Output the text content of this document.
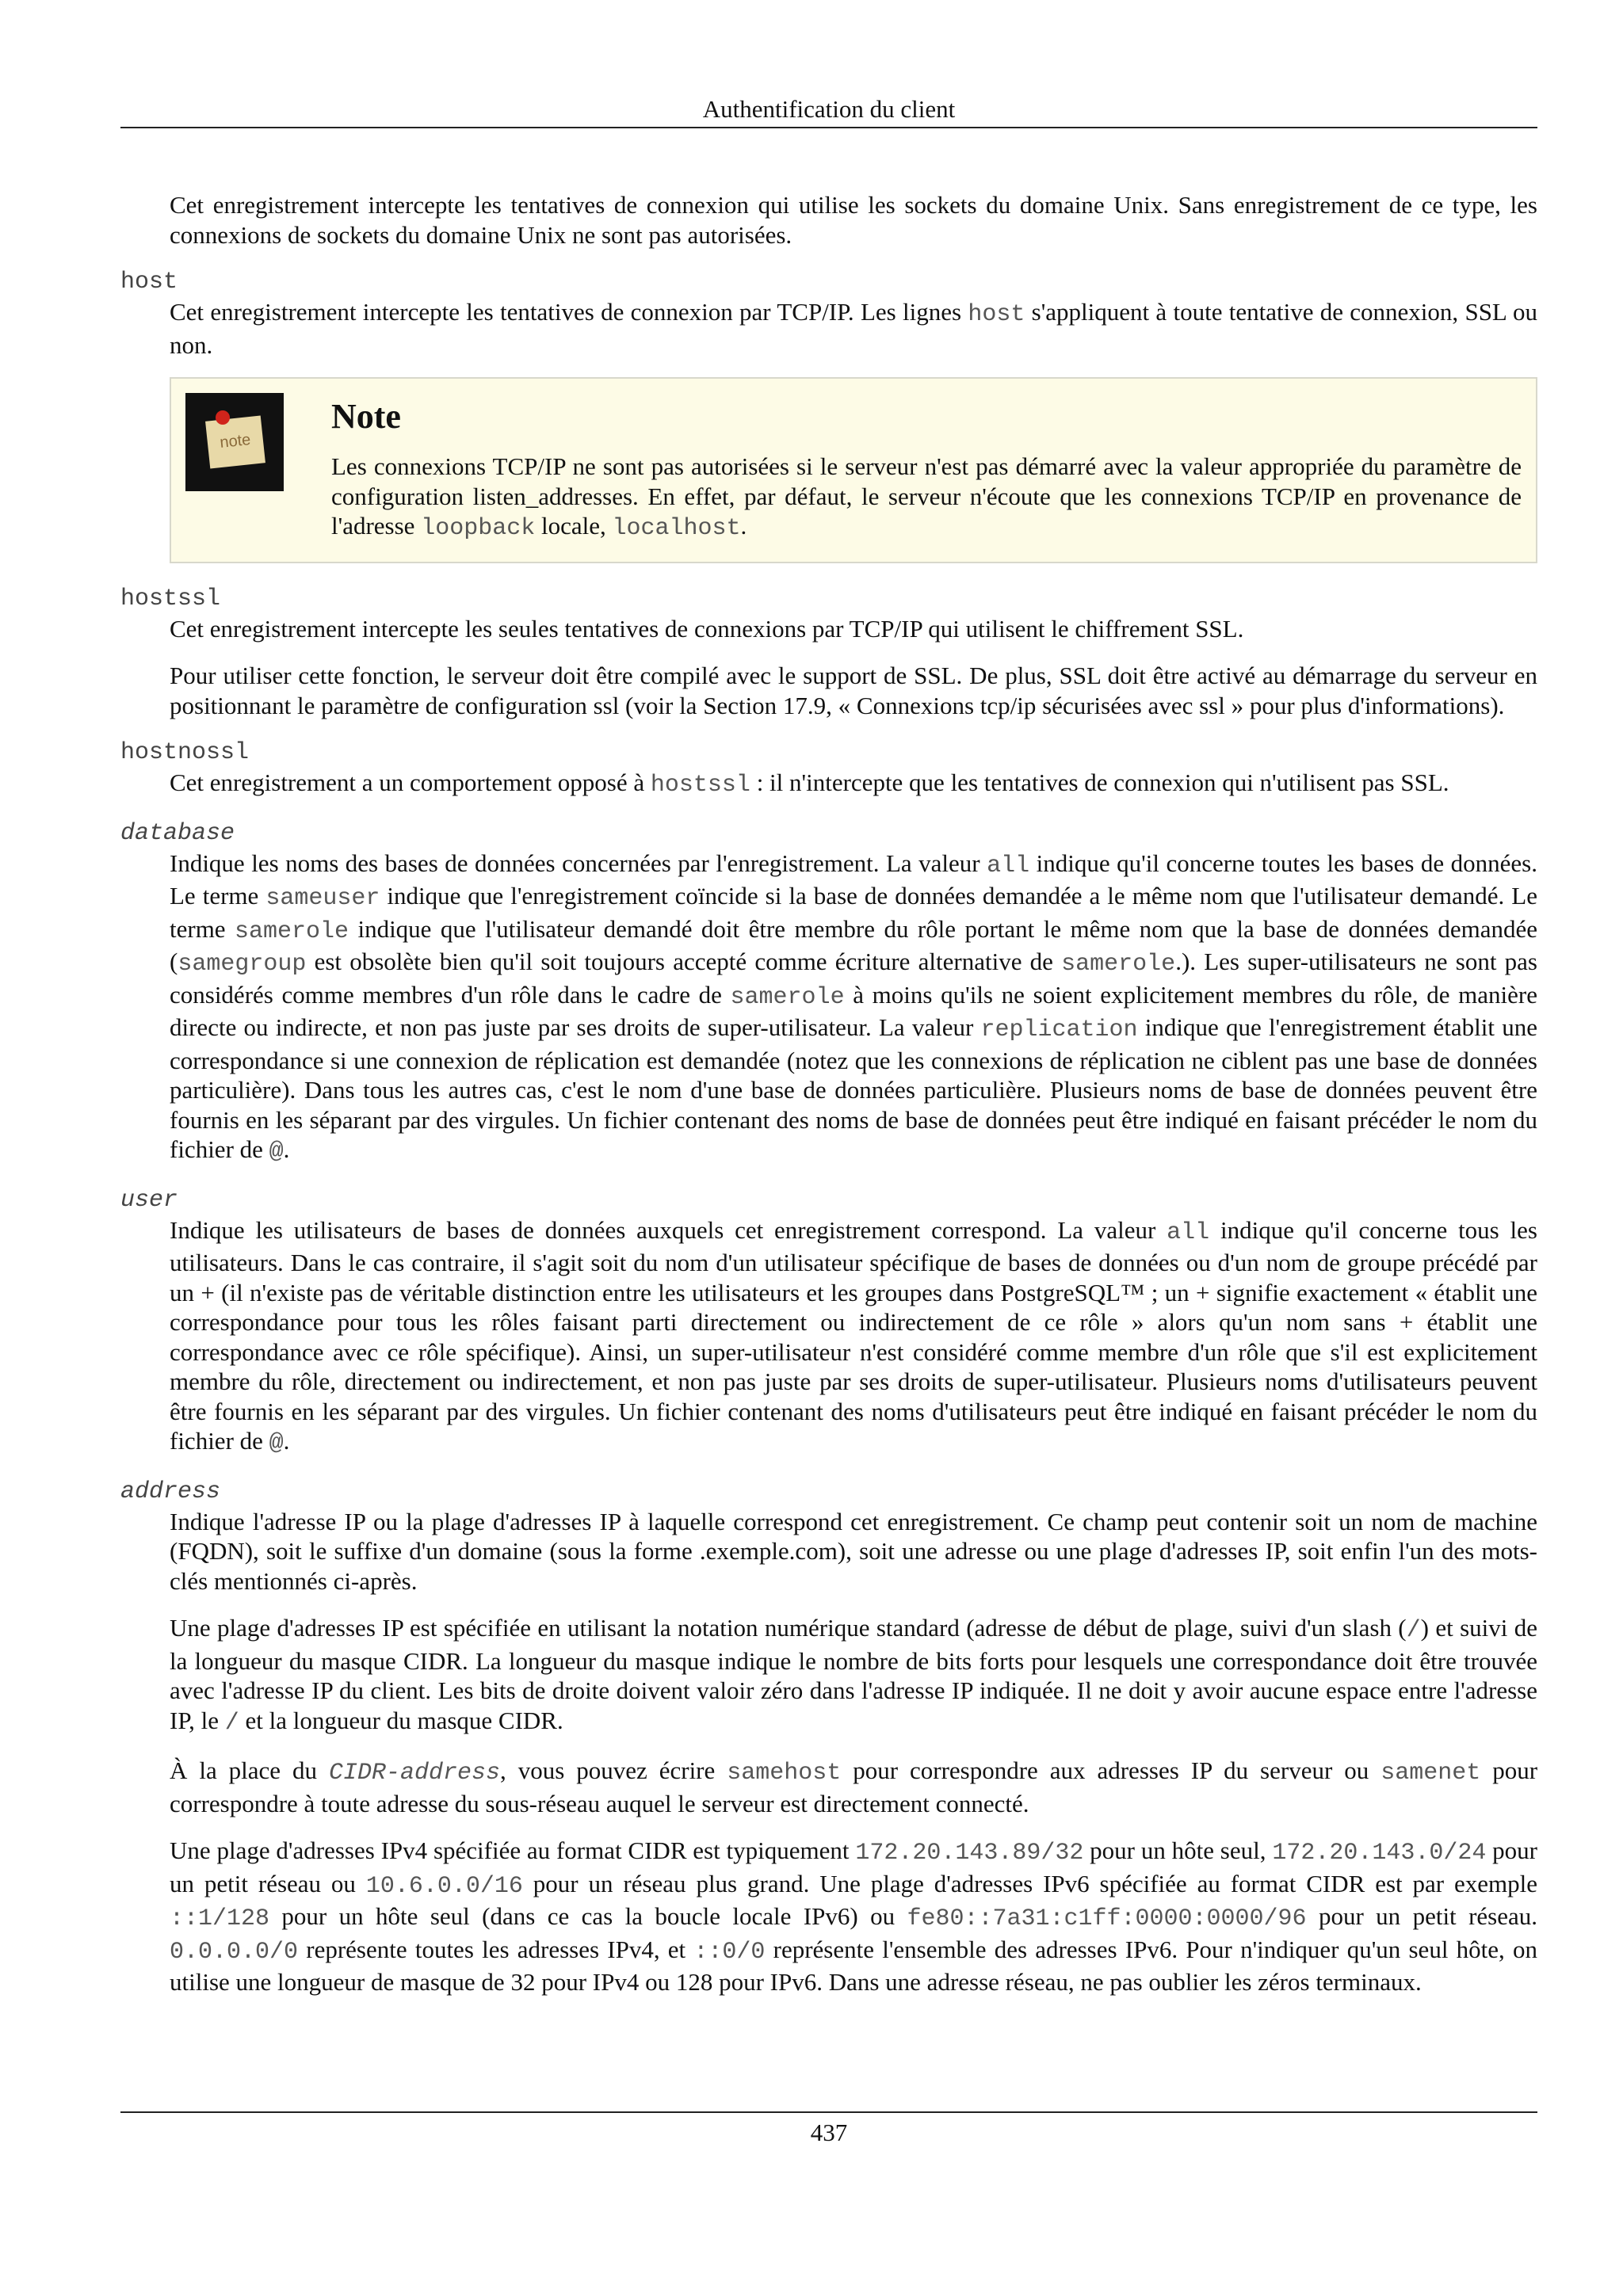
Authentification du client

Cet enregistrement intercepte les tentatives de connexion qui utilise les sockets du domaine Unix. Sans enregistrement de ce type, les connexions de sockets du domaine Unix ne sont pas autorisées.

host

Cet enregistrement intercepte les tentatives de connexion par TCP/IP. Les lignes host s'appliquent à toute tentative de connexion, SSL ou non.

note
Note
Les connexions TCP/IP ne sont pas autorisées si le serveur n'est pas démarré avec la valeur appropriée du paramètre de configuration listen_addresses. En effet, par défaut, le serveur n'écoute que les connexions TCP/IP en provenance de l'adresse loopback locale, localhost.

hostssl

Cet enregistrement intercepte les seules tentatives de connexions par TCP/IP qui utilisent le chiffrement SSL.

Pour utiliser cette fonction, le serveur doit être compilé avec le support de SSL. De plus, SSL doit être activé au démarrage du serveur en positionnant le paramètre de configuration ssl (voir la Section 17.9, « Connexions tcp/ip sécurisées avec ssl » pour plus d'informations).

hostnossl

Cet enregistrement a un comportement opposé à hostssl : il n'intercepte que les tentatives de connexion qui n'utilisent pas SSL.

database

Indique les noms des bases de données concernées par l'enregistrement. La valeur all indique qu'il concerne toutes les bases de données. Le terme sameuser indique que l'enregistrement coïncide si la base de données demandée a le même nom que l'utilisateur demandé. Le terme samerole indique que l'utilisateur demandé doit être membre du rôle portant le même nom que la base de données demandée (samegroup est obsolète bien qu'il soit toujours accepté comme écriture alternative de samerole.). Les super-utilisateurs ne sont pas considérés comme membres d'un rôle dans le cadre de samerole à moins qu'ils ne soient explicitement membres du rôle, de manière directe ou indirecte, et non pas juste par ses droits de super-utilisateur. La valeur replication indique que l'enregistrement établit une correspondance si une connexion de réplication est demandée (notez que les connexions de réplication ne ciblent pas une base de données particulière). Dans tous les autres cas, c'est le nom d'une base de données particulière. Plusieurs noms de base de données peuvent être fournis en les séparant par des virgules. Un fichier contenant des noms de base de données peut être indiqué en faisant précéder le nom du fichier de @.

user

Indique les utilisateurs de bases de données auxquels cet enregistrement correspond. La valeur all indique qu'il concerne tous les utilisateurs. Dans le cas contraire, il s'agit soit du nom d'un utilisateur spécifique de bases de données ou d'un nom de groupe précédé par un + (il n'existe pas de véritable distinction entre les utilisateurs et les groupes dans PostgreSQL™ ; un + signifie exactement « établit une correspondance pour tous les rôles faisant parti directement ou indirectement de ce rôle » alors qu'un nom sans + établit une correspondance avec ce rôle spécifique). Ainsi, un super-utilisateur n'est considéré comme membre d'un rôle que s'il est explicitement membre du rôle, directement ou indirectement, et non pas juste par ses droits de super-utilisateur. Plusieurs noms d'utilisateurs peuvent être fournis en les séparant par des virgules. Un fichier contenant des noms d'utilisateurs peut être indiqué en faisant précéder le nom du fichier de @.

address

Indique l'adresse IP ou la plage d'adresses IP à laquelle correspond cet enregistrement. Ce champ peut contenir soit un nom de machine (FQDN), soit le suffixe d'un domaine (sous la forme .exemple.com), soit une adresse ou une plage d'adresses IP, soit enfin l'un des mots-clés mentionnés ci-après.

Une plage d'adresses IP est spécifiée en utilisant la notation numérique standard (adresse de début de plage, suivi d'un slash (/) et suivi de la longueur du masque CIDR. La longueur du masque indique le nombre de bits forts pour lesquels une correspondance doit être trouvée avec l'adresse IP du client. Les bits de droite doivent valoir zéro dans l'adresse IP indiquée. Il ne doit y avoir aucune espace entre l'adresse IP, le / et la longueur du masque CIDR.

À la place du CIDR-address, vous pouvez écrire samehost pour correspondre aux adresses IP du serveur ou samenet pour correspondre à toute adresse du sous-réseau auquel le serveur est directement connecté.

Une plage d'adresses IPv4 spécifiée au format CIDR est typiquement 172.20.143.89/32 pour un hôte seul, 172.20.143.0/24 pour un petit réseau ou 10.6.0.0/16 pour un réseau plus grand. Une plage d'adresses IPv6 spécifiée au format CIDR est par exemple ::1/128 pour un hôte seul (dans ce cas la boucle locale IPv6) ou fe80::7a31:c1ff:0000:0000/96 pour un petit réseau. 0.0.0.0/0 représente toutes les adresses IPv4, et ::0/0 représente l'ensemble des adresses IPv6. Pour n'indiquer qu'un seul hôte, on utilise une longueur de masque de 32 pour IPv4 ou 128 pour IPv6. Dans une adresse réseau, ne pas oublier les zéros terminaux.

437
